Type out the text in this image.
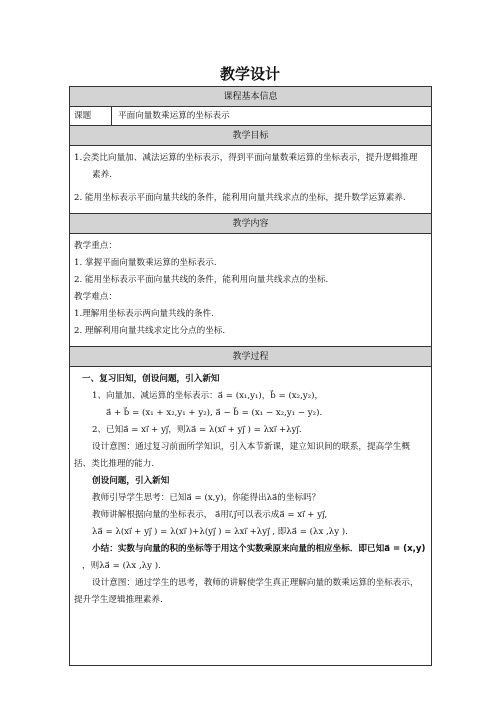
教学设计
课程基本信息
课题	平面向量数乘运算的坐标表示
教学目标

1.会类比向量加、减法运算的坐标表示，得到平面向量数乘运算的坐标表示，提升逻辑推理

素养.

2. 能用坐标表示平面向量共线的条件，能利用向量共线求点的坐标，提升数学运算素养.

教学内容

教学重点：

1. 掌握平面向量数乘运算的坐标表示.

2. 能用坐标表示平面向量共线的条件，能利用向量共线求点的坐标.

教学难点：

1.理解用坐标表示两向量共线的条件.

2. 理解利用向量共线求定比分点的坐标.

教学过程

一、复习旧知，创设问题，引入新知

1、向量加、减运算的坐标表示：a⃗ = (x₁,y₁)，b⃗ = (x₂,y₂)，

a⃗ + b⃗ = (x₁ + x₂,y₁ + y₂), a⃗ − b⃗ = (x₁ − x₂,y₁ − y₂).

2、已知a⃗ = xi⃗ + yj⃗，则λa⃗ = λ(xi⃗ + yj⃗ ) = λxi⃗ +λyj⃗.

设计意图：通过复习前面所学知识，引入本节新课，建立知识间的联系，提高学生概

括、类比推理的能力.

创设问题，引入新知

教师引导学生思考：已知a⃗ = (x,y)，你能得出λa⃗的坐标吗？

教师讲解根据向量的坐标表示， a⃗用i⃗,j⃗可以表示成a⃗ = xi⃗ + yj⃗,

λa⃗ = λ(xi⃗ + yj⃗ ) = λ(xi⃗ )+λ(yj⃗ ) = λxi⃗ +λyj⃗ , 即λa⃗ = (λx ,λy ).

小结：实数与向量的积的坐标等于用这个实数乘原来向量的相应坐标．即已知a⃗ = (x,y)

，则λa⃗ = (λx ,λy ).

设计意图：通过学生的思考，教师的讲解使学生真正理解向量的数乘运算的坐标表示，

提升学生逻辑推理素养.
